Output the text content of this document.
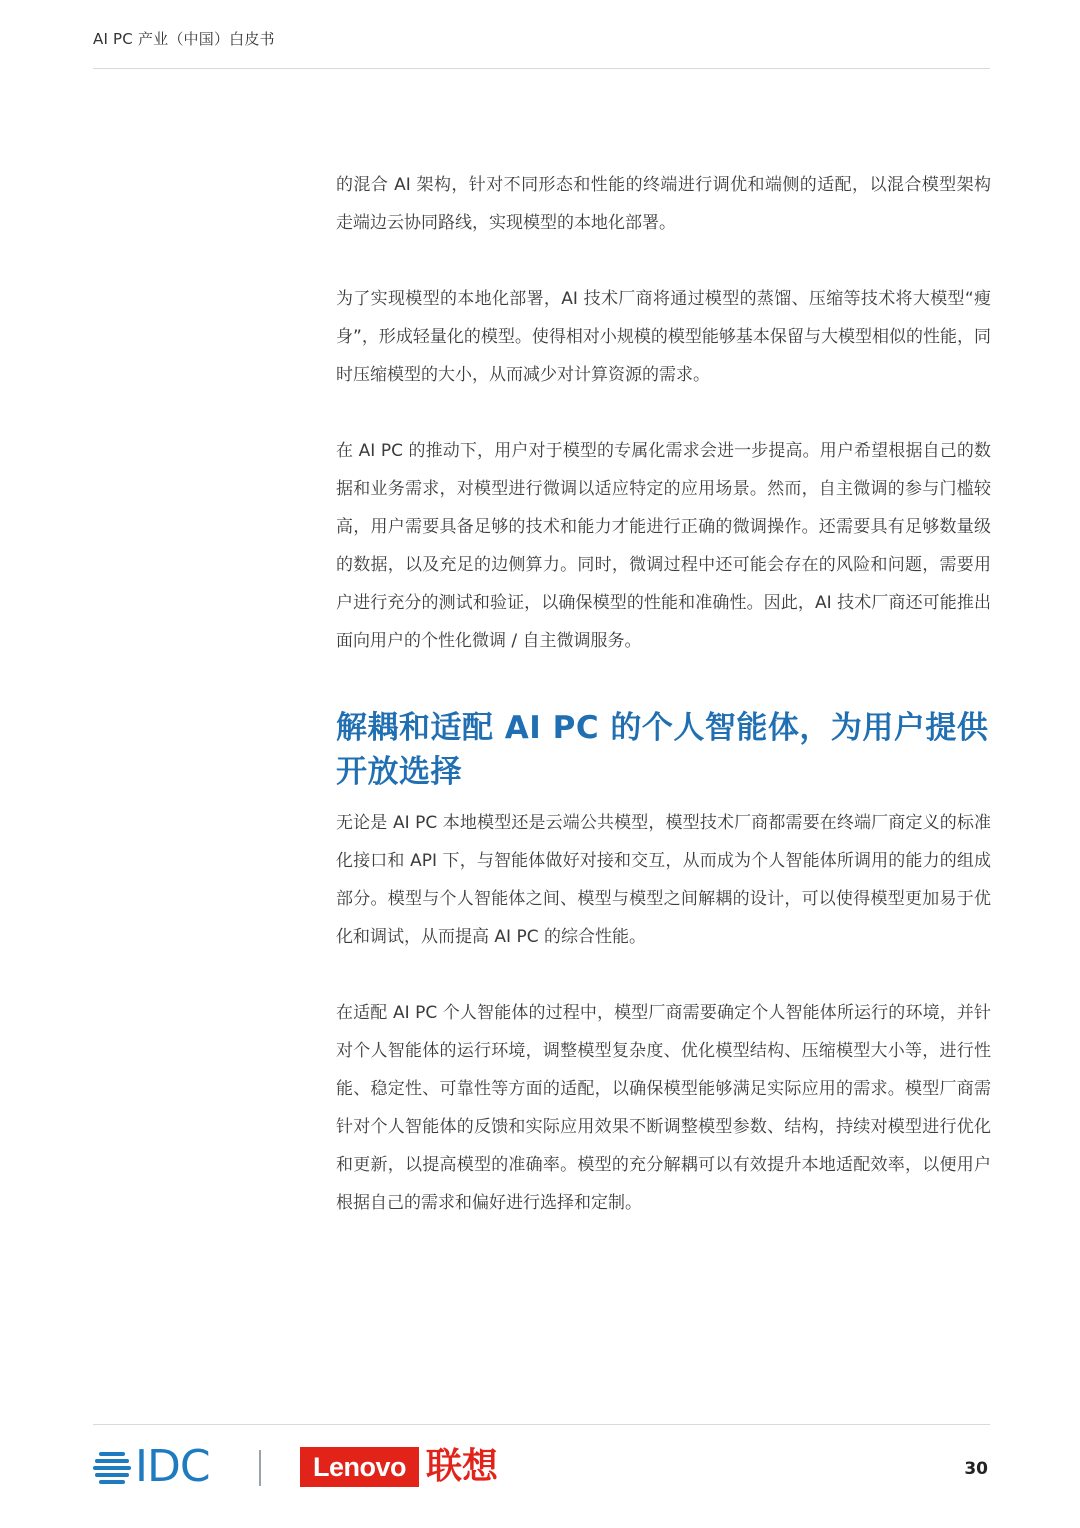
AI PC 产业（中国）白皮书

的混合 AI 架构，针对不同形态和性能的终端进行调优和端侧的适配，以混合模型架构走端边云协同路线，实现模型的本地化部署。

为了实现模型的本地化部署，AI 技术厂商将通过模型的蒸馏、压缩等技术将大模型“瘦身”，形成轻量化的模型。使得相对小规模的模型能够基本保留与大模型相似的性能，同时压缩模型的大小，从而减少对计算资源的需求。

在 AI PC 的推动下，用户对于模型的专属化需求会进一步提高。用户希望根据自己的数据和业务需求，对模型进行微调以适应特定的应用场景。然而，自主微调的参与门槛较高，用户需要具备足够的技术和能力才能进行正确的微调操作。还需要具有足够数量级的数据，以及充足的边侧算力。同时，微调过程中还可能会存在的风险和问题，需要用户进行充分的测试和验证，以确保模型的性能和准确性。因此，AI 技术厂商还可能推出面向用户的个性化微调 / 自主微调服务。

解耦和适配 AI PC 的个人智能体，为用户提供开放选择

无论是 AI PC 本地模型还是云端公共模型，模型技术厂商都需要在终端厂商定义的标准化接口和 API 下，与智能体做好对接和交互，从而成为个人智能体所调用的能力的组成部分。模型与个人智能体之间、模型与模型之间解耦的设计，可以使得模型更加易于优化和调试，从而提高 AI PC 的综合性能。

在适配 AI PC 个人智能体的过程中，模型厂商需要确定个人智能体所运行的环境，并针对个人智能体的运行环境，调整模型复杂度、优化模型结构、压缩模型大小等，进行性能、稳定性、可靠性等方面的适配，以确保模型能够满足实际应用的需求。模型厂商需针对个人智能体的反馈和实际应用效果不断调整模型参数、结构，持续对模型进行优化和更新，以提高模型的准确率。模型的充分解耦可以有效提升本地适配效率，以便用户根据自己的需求和偏好进行选择和定制。

IDC	Lenovo 联想	30
